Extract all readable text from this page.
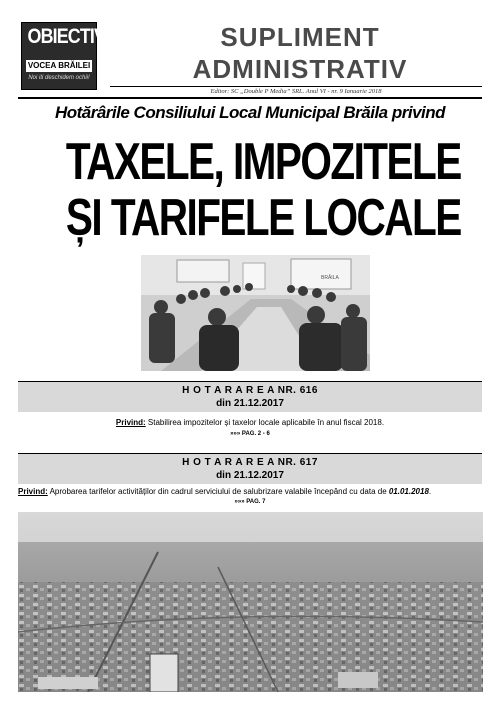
OBIECTIV
VOCEA BRĂILEI
Noi iti deschidem ochii!
SUPLIMENT
ADMINISTRATIV
Editor: SC „Double P Media” SRL. Anul VI - nr. 9 Ianuarie 2018
Hotărârile Consiliului Local Municipal Brăila privind
TAXELE, IMPOZITELE
ȘI TARIFELE LOCALE
BRĂILA
H O T A R A R E A NR. 616
din 21.12.2017
Privind: Stabilirea impozitelor și taxelor locale aplicabile în anul fiscal 2018.
»»» PAG. 2 - 6
H O T A R A R E A NR. 617
din 21.12.2017
Privind: Aprobarea tarifelor activităților din cadrul serviciului de salubrizare valabile începând cu data de 01.01.2018.
»»» PAG. 7
